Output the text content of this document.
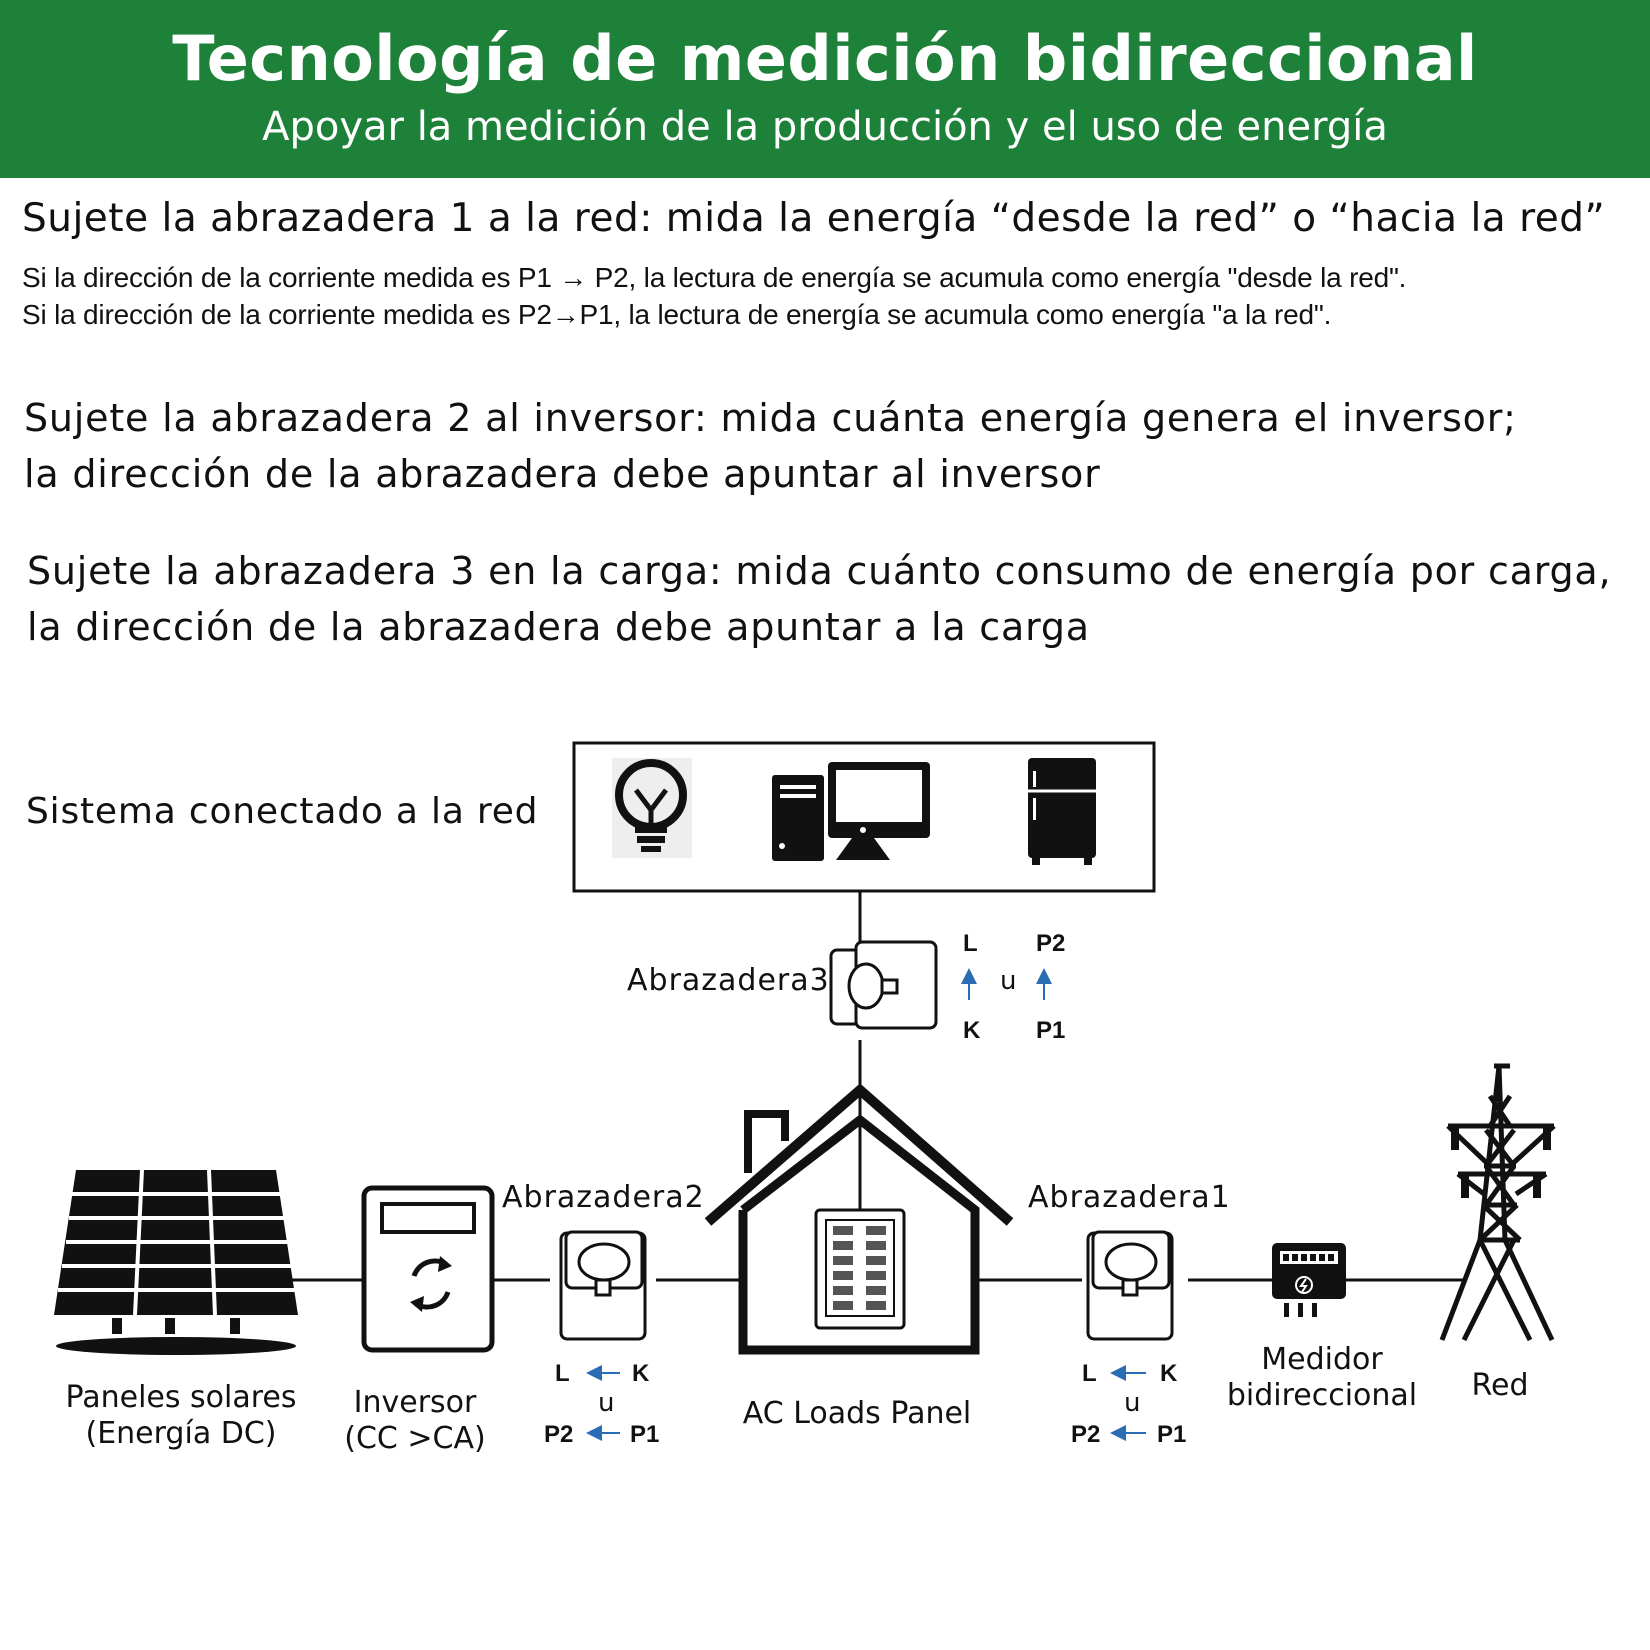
Tecnología de medición bidireccional
Apoyar la medición de la producción y el uso de energía
Sujete la abrazadera 1 a la red: mida la energía “desde la red” o “hacia la red”
Si la dirección de la corriente medida es P1 → P2, la lectura de energía se acumula como energía "desde la red".
Si la dirección de la corriente medida es P2→P1, la lectura de energía se acumula como energía "a la red".
Sujete la abrazadera 2 al inversor: mida cuánta energía genera el inversor;
la dirección de la abrazadera debe apuntar al inversor
Sujete la abrazadera 3 en la carga: mida cuánto consumo de energía por carga,
la dirección de la abrazadera debe apuntar a la carga
Sistema conectado a la red
Abrazadera3
L P2
u
K P1
Abrazadera2
L	K
u
P2 P1
Abrazadera1
L	K
u
P2 P1
Paneles solares
(Energía DC)
Inversor
(CC >CA)
AC Loads Panel
Medidor
bidireccional	Red
